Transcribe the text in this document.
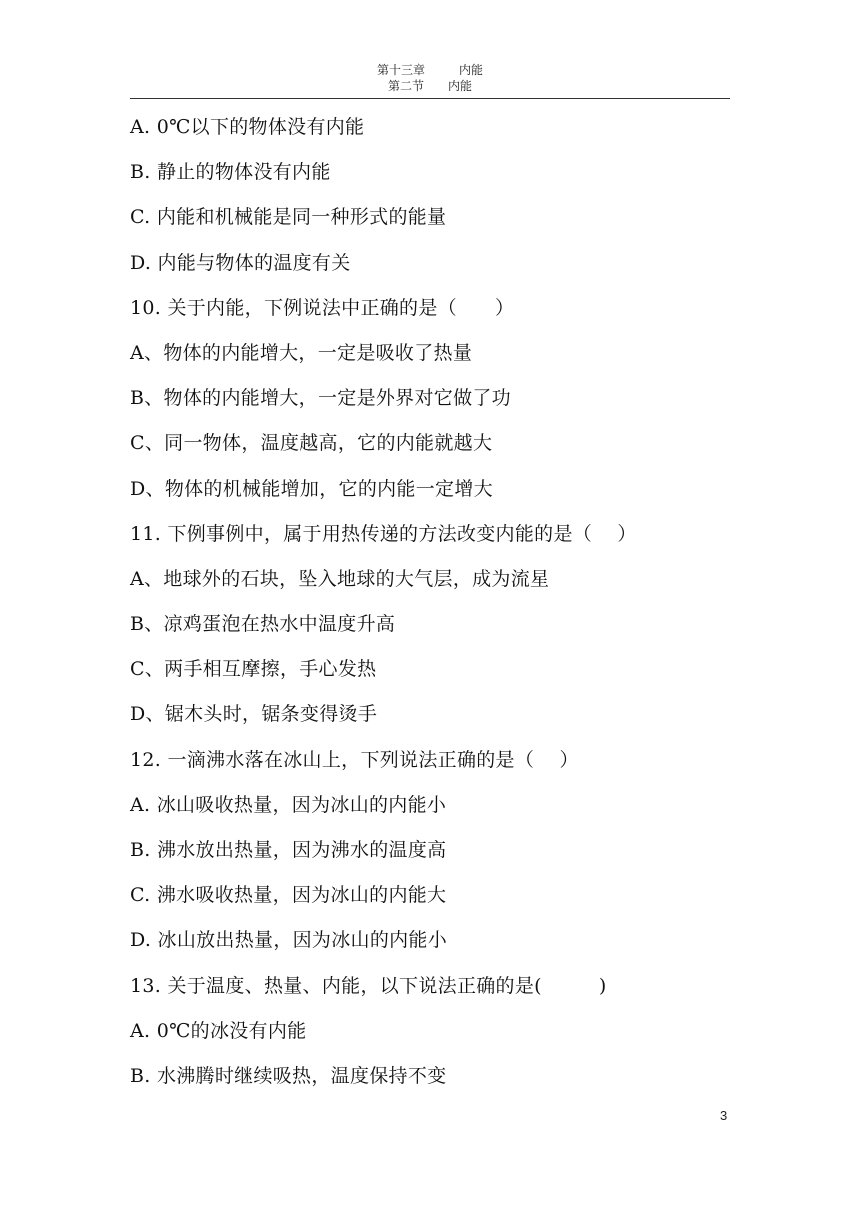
第十三章	内能
第二节 内能
A. 0℃以下的物体没有内能
B. 静止的物体没有内能
C. 内能和机械能是同一种形式的能量
D. 内能与物体的温度有关
10. 关于内能，下例说法中正确的是（      ）
A、物体的内能增大，一定是吸收了热量
B、物体的内能增大，一定是外界对它做了功
C、同一物体，温度越高，它的内能就越大
D、物体的机械能增加，它的内能一定增大
11. 下例事例中，属于用热传递的方法改变内能的是（    ）
A、地球外的石块，坠入地球的大气层，成为流星
B、凉鸡蛋泡在热水中温度升高
C、两手相互摩擦，手心发热
D、锯木头时，锯条变得烫手
12. 一滴沸水落在冰山上，下列说法正确的是（    ）
A. 冰山吸收热量，因为冰山的内能小
B. 沸水放出热量，因为沸水的温度高
C. 沸水吸收热量，因为冰山的内能大
D. 冰山放出热量，因为冰山的内能小
13. 关于温度、热量、内能，以下说法正确的是(         )
A. 0℃的冰没有内能
B. 水沸腾时继续吸热，温度保持不变
3
